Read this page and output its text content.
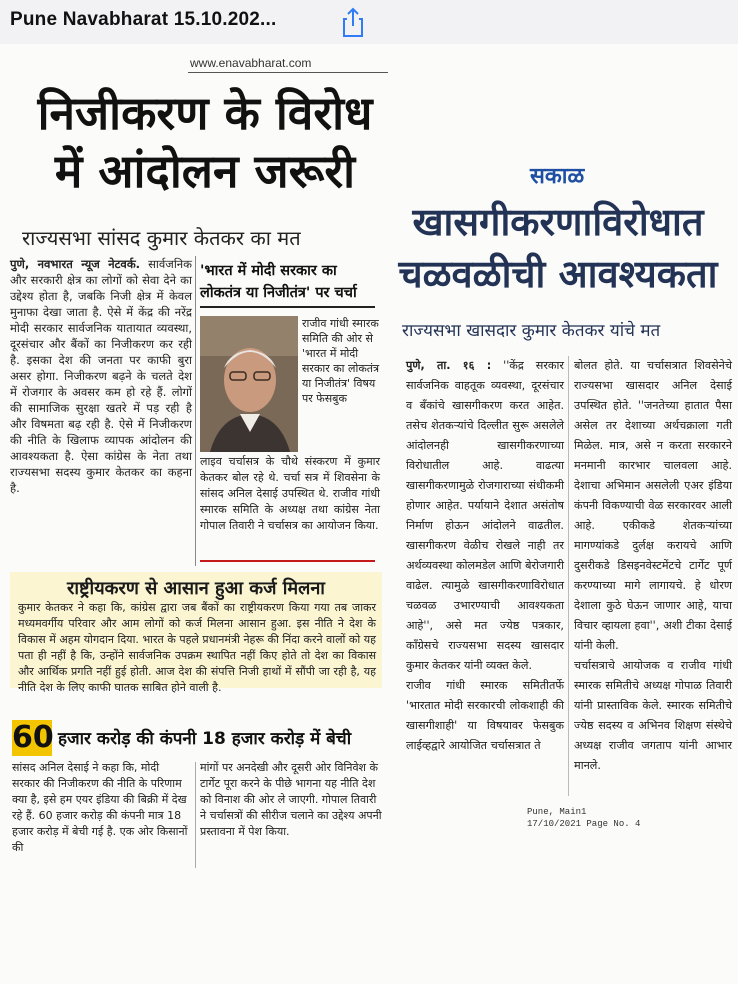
Pune Navabharat 15.10.202...
www.enavabharat.com
निजीकरण के विरोध
में आंदोलन जरूरी
राज्यसभा सांसद कुमार केतकर का मत
पुणे, नवभारत न्यूज नेटवर्क. सार्वजनिक और सरकारी क्षेत्र का लोगों को सेवा देने का उद्देश्य होता है, जबकि निजी क्षेत्र में केवल मुनाफा देखा जाता है. ऐसे में केंद्र की नरेंद्र मोदी सरकार सार्वजनिक यातायात व्यवस्था, दूरसंचार और बैंकों का निजीकरण कर रही है. इसका देश की जनता पर काफी बुरा असर होगा. निजीकरण बढ़ने के चलते देश में रोजगार के अवसर कम हो रहे हैं. लोगों की सामाजिक सुरक्षा खतरे में पड़ रही है और विषमता बढ़ रही है. ऐसे में निजीकरण की नीति के खिलाफ व्यापक आंदोलन की आवश्यकता है. ऐसा कांग्रेस के नेता तथा राज्यसभा सदस्य कुमार केतकर का कहना है.
'भारत में मोदी सरकार का लोकतंत्र या निजीतंत्र' पर चर्चा
राजीव गांधी स्मारक समिति की ओर से 'भारत में मोदी सरकार का लोकतंत्र या निजीतंत्र' विषय पर फेसबुक
लाइव चर्चासत्र के चौथे संस्करण में कुमार केतकर बोल रहे थे. चर्चा सत्र में शिवसेना के सांसद अनिल देसाई उपस्थित थे. राजीव गांधी स्मारक समिति के अध्यक्ष तथा कांग्रेस नेता गोपाल तिवारी ने चर्चासत्र का आयोजन किया.
राष्ट्रीयकरण से आसान हुआ कर्ज मिलना
कुमार केतकर ने कहा कि, कांग्रेस द्वारा जब बैंकों का राष्ट्रीयकरण किया गया तब जाकर मध्यमवर्गीय परिवार और आम लोगों को कर्ज मिलना आसान हुआ. इस नीति ने देश के विकास में अहम योगदान दिया. भारत के पहले प्रधानमंत्री नेहरू की निंदा करने वालों को यह पता ही नहीं है कि, उन्होंने सार्वजनिक उपक्रम स्थापित नहीं किए होते तो देश का विकास और आर्थिक प्रगति नहीं हुई होती. आज देश की संपत्ति निजी हाथों में सौंपी जा रही है, यह नीति देश के लिए काफी घातक साबित होने वाली है.
60 हजार करोड़ की कंपनी 18 हजार करोड़ में बेची
सांसद अनिल देसाई ने कहा कि, मोदी सरकार की निजीकरण की नीति के परिणाम क्या है, इसे हम एयर इंडिया की बिक्री में देख रहे हैं. 60 हजार करोड़ की कंपनी मात्र 18 हजार करोड़ में बेची गई है. एक ओर किसानों की
मांगों पर अनदेखी और दूसरी ओर विनिवेश के टार्गेट पूरा करने के पीछे भागना यह नीति देश को विनाश की ओर ले जाएगी. गोपाल तिवारी ने चर्चासत्रों की सीरीज चलाने का उद्देश्य अपनी प्रस्तावना में पेश किया.
सकाळ
खासगीकरणाविरोधात
चळवळीची आवश्यकता
राज्यसभा खासदार कुमार केतकर यांचे मत

पुणे, ता. १६ : ''केंद्र सरकार सार्वजनिक वाहतूक व्यवस्था, दूरसंचार व बँकांचे खासगीकरण करत आहेत. तसेच शेतकऱ्यांचे दिल्लीत सुरू असलेले आंदोलनही खासगीकरणाच्या विरोधातील आहे. वाढत्या खासगीकरणामुळे रोजगाराच्या संधीकमी होणार आहेत. पर्यायाने देशात असंतोष निर्माण होऊन आंदोलने वाढतील. खासगीकरण वेळीच रोखले नाही तर अर्थव्यवस्था कोलमडेल आणि बेरोजगारी वाढेल. त्यामुळे खासगीकरणाविरोधात चळवळ उभारण्याची आवश्यकता आहे'', असे मत ज्येष्ठ पत्रकार, काँग्रेसचे राज्यसभा सदस्य खासदार कुमार केतकर यांनी व्यक्त केले.

राजीव गांधी स्मारक समितीतर्फे 'भारतात मोदी सरकारची लोकशाही की खासगीशाही' या विषयावर फेसबुक लाईव्हद्वारे आयोजित चर्चासत्रात ते

बोलत होते. या चर्चासत्रात शिवसेनेचे राज्यसभा खासदार अनिल देसाई उपस्थित होते. ''जनतेच्या हातात पैसा असेल तर देशाच्या अर्थचक्राला गती मिळेल. मात्र, असे न करता सरकारने मनमानी कारभार चालवला आहे. देशाचा अभिमान असलेली एअर इंडिया कंपनी विकण्याची वेळ सरकारवर आली आहे. एकीकडे शेतकऱ्यांच्या मागण्यांकडे दुर्लक्ष करायचे आणि दुसरीकडे डिसइनवेस्टमेंटचे टार्गेट पूर्ण करण्याच्या मागे लागायचे. हे धोरण देशाला कुठे घेऊन जाणार आहे, याचा विचार व्हायला हवा'', अशी टीका देसाई यांनी केली.

चर्चासत्राचे आयोजक व राजीव गांधी स्मारक समितीचे अध्यक्ष गोपाळ तिवारी यांनी प्रास्ताविक केले. स्मारक समितीचे ज्येष्ठ सदस्य व अभिनव शिक्षण संस्थेचे अध्यक्ष राजीव जगताप यांनी आभार मानले.

Pune, Main1
17/10/2021 Page No. 4
